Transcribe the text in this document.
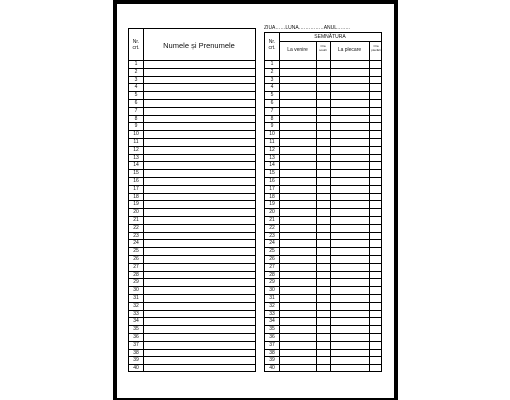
Nr.
crt.	Numele și Prenumele
1
2
3
4
5
6
7
8
9
10
11
12
13
14
15
16
17
18
19
20
21
22
23
24
25
26
27
28
29
30
31
32
33
34
35
36
37
38
39
40
ZIUA……LUNA……………ANUL……..
Nr.
crt.
SEMNĂTURA
La venire
Ora
sosirii	La plecare
Ora
plecării
1
2
3
4
5
6
7
8
9
10
11
12
13
14
15
16
17
18
19
20
21
22
23
24
25
26
27
28
29
30
31
32
33
34
35
36
37
38
39
40
